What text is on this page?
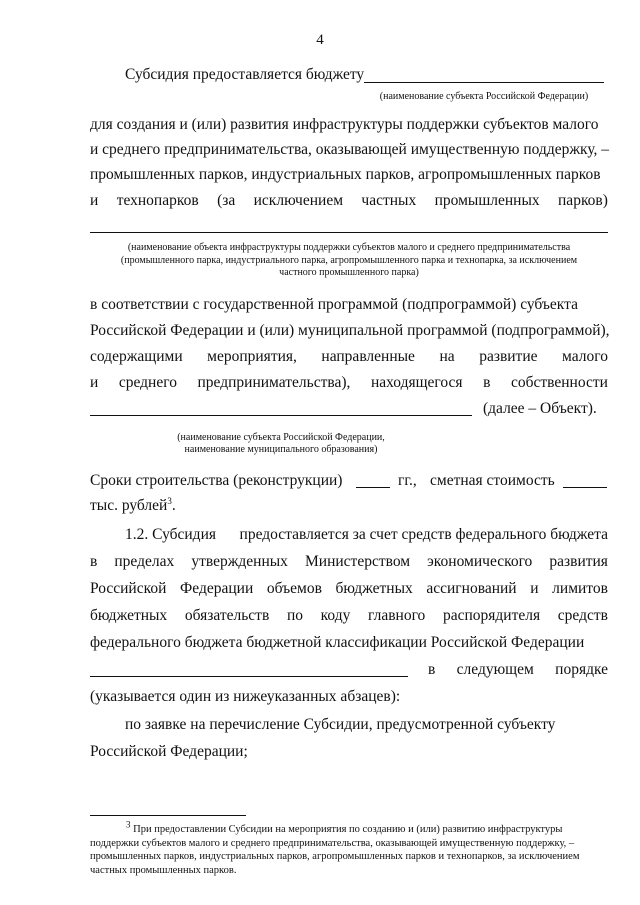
4
Субсидия предоставляется бюджету
(наименование субъекта Российской Федерации)
для создания и (или) развития инфраструктуры поддержки субъектов малого
и среднего предпринимательства, оказывающей имущественную поддержку, –
промышленных парков, индустриальных парков, агропромышленных парков
и технопарков (за исключением частных промышленных парков)
(наименование объекта инфраструктуры поддержки субъектов малого и среднего предпринимательства
(промышленного парка, индустриального парка, агропромышленного парка и технопарка, за исключением
частного промышленного парка)
в соответствии с государственной программой (подпрограммой) субъекта
Российской Федерации и (или) муниципальной программой (подпрограммой),
содержащими мероприятия, направленные на развитие малого
и среднего предпринимательства), находящегося в собственности
(далее – Объект).
(наименование субъекта Российской Федерации,
наименование муниципального образования)
Сроки строительства (реконструкции)	гг., сметная стоимость
тыс. рублей$^3$.
1.2. Субсидия предоставляется за счет средств федерального бюджета
в пределах утвержденных Министерством экономического развития
Российской Федерации объемов бюджетных ассигнований и лимитов
бюджетных обязательств по коду главного распорядителя средств
федерального бюджета бюджетной классификации Российской Федерации
в следующем порядке
(указывается один из нижеуказанных абзацев):
по заявке на перечисление Субсидии, предусмотренной субъекту
Российской Федерации;
$^3$ При предоставлении Субсидии на мероприятия по созданию и (или) развитию инфраструктуры
поддержки субъектов малого и среднего предпринимательства, оказывающей имущественную поддержку, –
промышленных парков, индустриальных парков, агропромышленных парков и технопарков, за исключением
частных промышленных парков.
